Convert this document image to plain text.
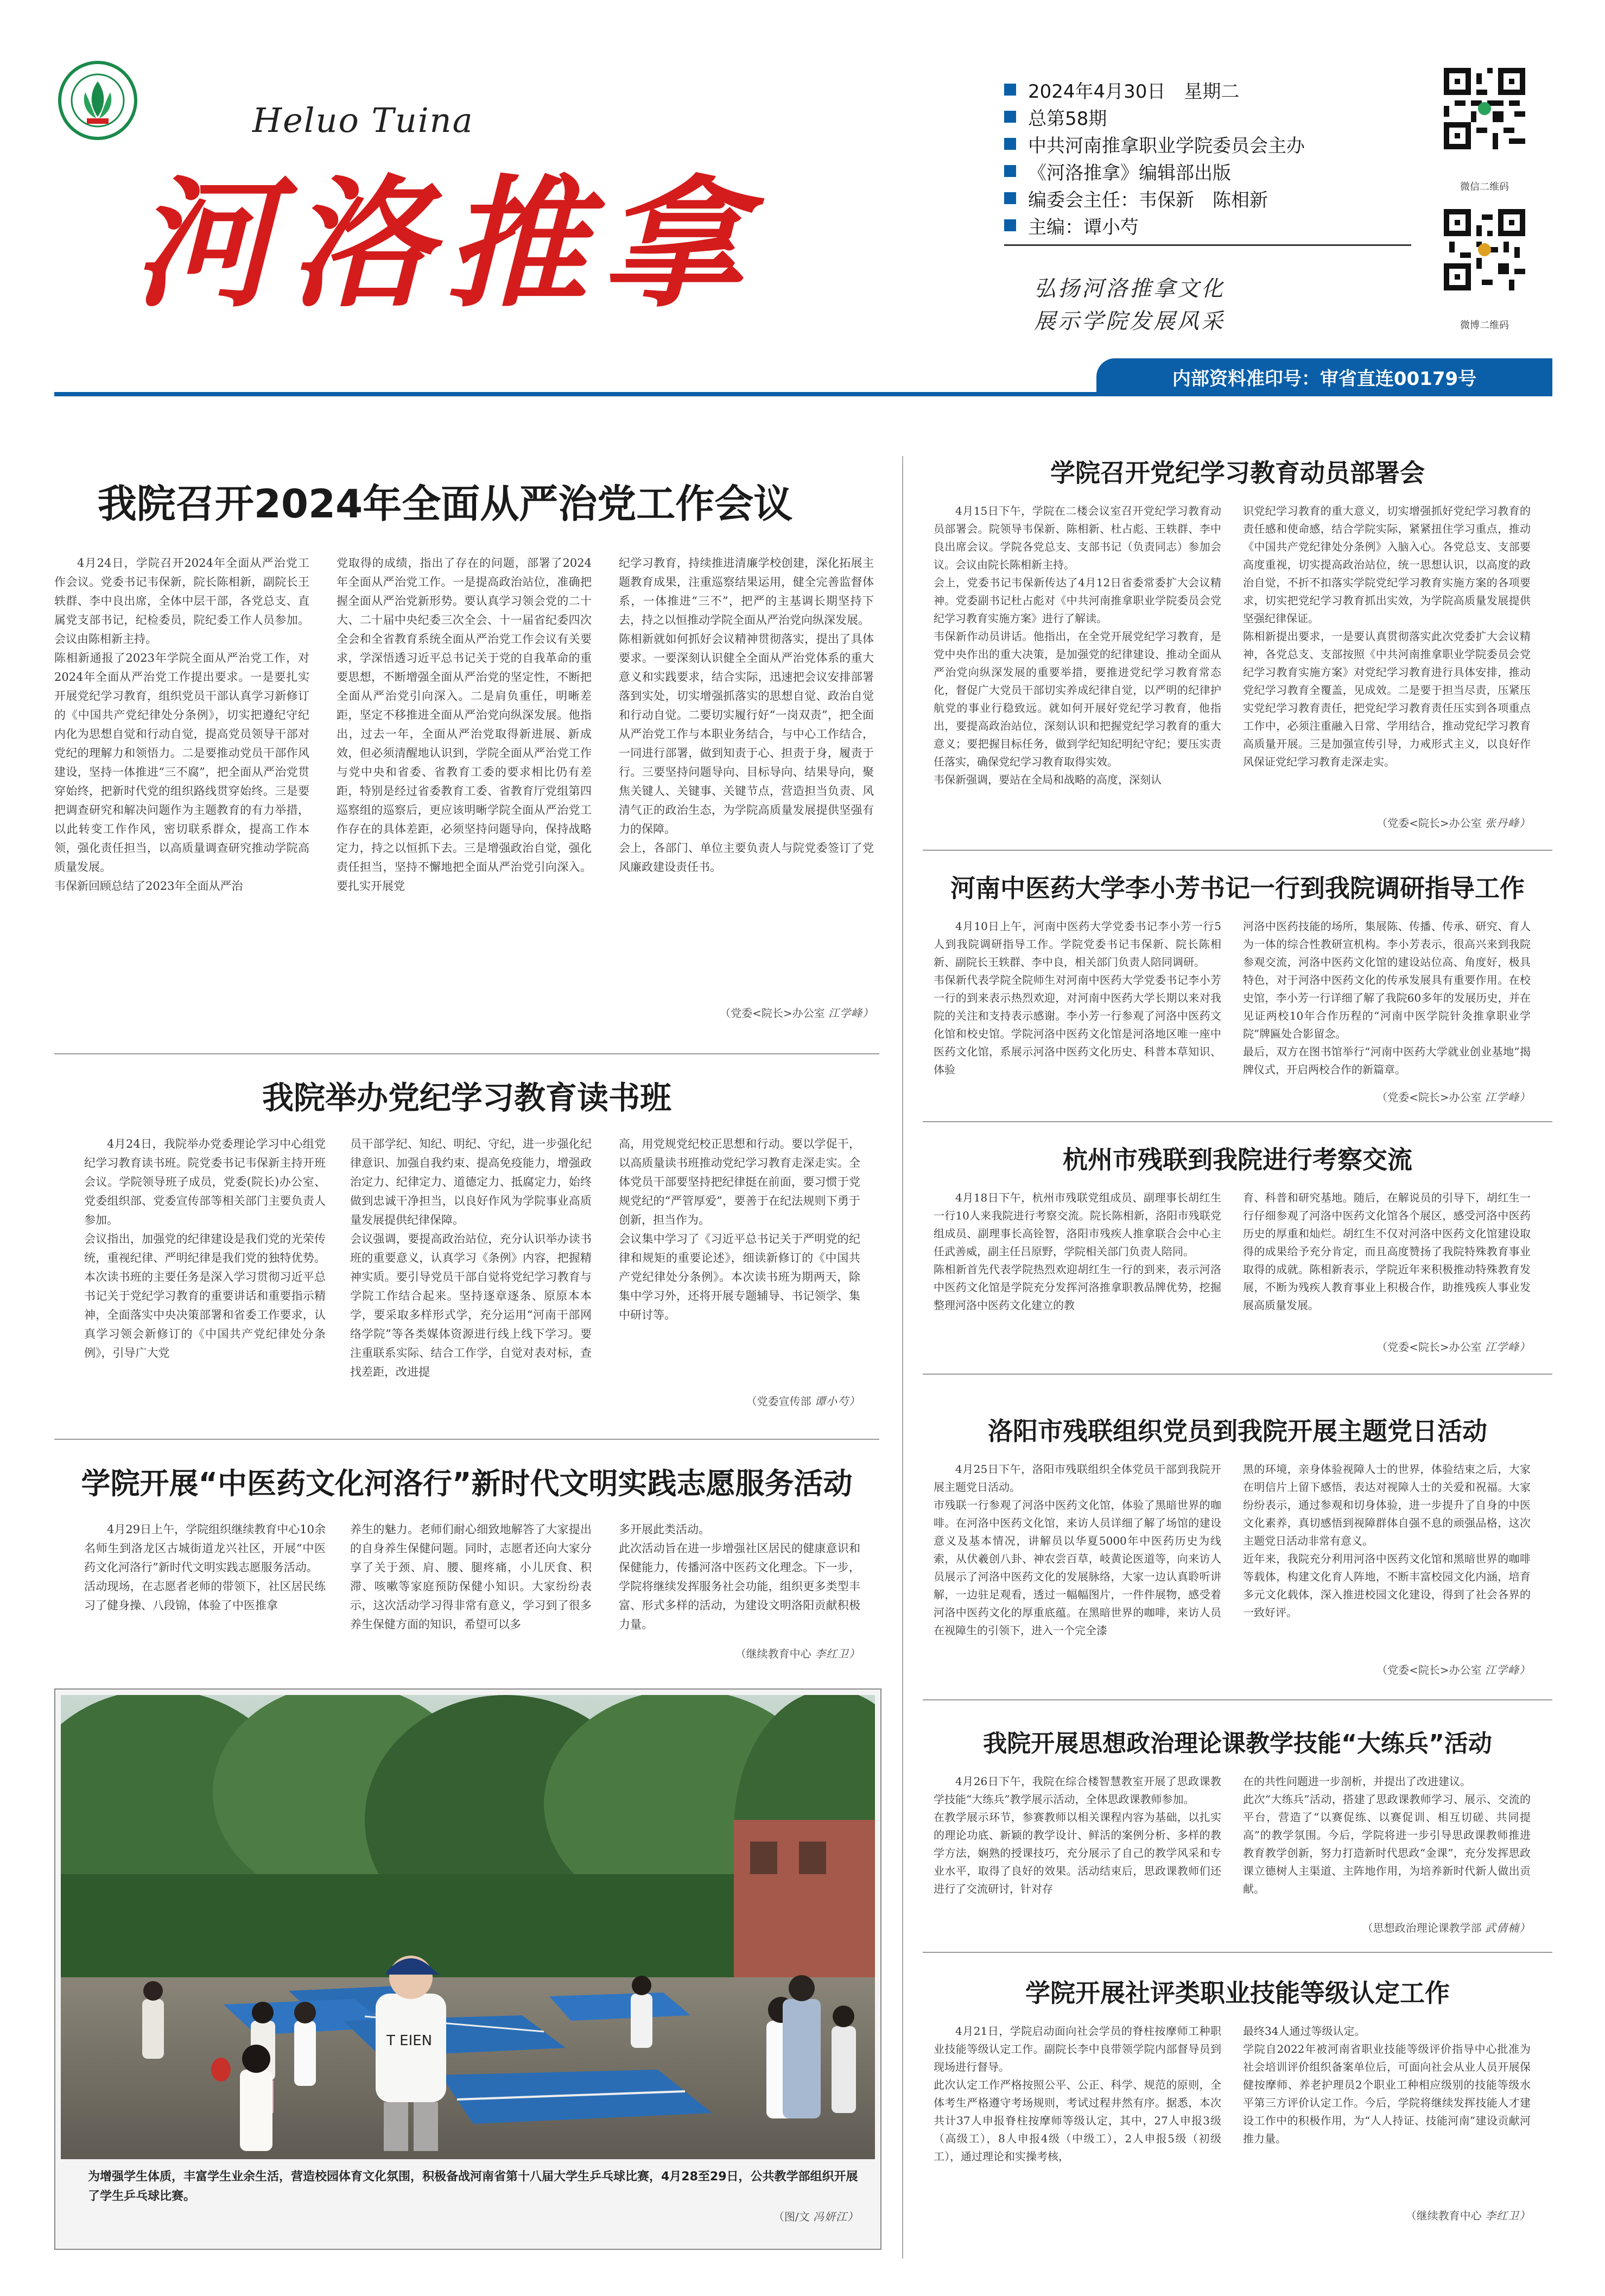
Heluo Tuina
河洛推拿
2024年4月30日　星期二
总第58期
中共河南推拿职业学院委员会主办
《河洛推拿》编辑部出版
编委会主任：韦保新　陈相新
主编：谭小芍
弘扬河洛推拿文化
展示学院发展风采
微信二维码
微博二维码
内部资料准印号：审省直连00179号
我院召开2024年全面从严治党工作会议

4月24日，学院召开2024年全面从严治党工作会议。党委书记韦保新，院长陈相新，副院长王轶群、李中良出席，全体中层干部，各党总支、直属党支部书记，纪检委员，院纪委工作人员参加。会议由陈相新主持。
陈相新通报了2023年学院全面从严治党工作，对2024年全面从严治党工作提出要求。一是要扎实开展党纪学习教育，组织党员干部认真学习新修订的《中国共产党纪律处分条例》，切实把遵纪守纪内化为思想自觉和行动自觉，提高党员领导干部对党纪的理解力和领悟力。二是要推动党员干部作风建设，坚持一体推进“三不腐”，把全面从严治党贯穿始终，把新时代党的组织路线贯穿始终。三是要把调查研究和解决问题作为主题教育的有力举措，以此转变工作作风，密切联系群众，提高工作本领，强化责任担当，以高质量调查研究推动学院高质量发展。
韦保新回顾总结了2023年全面从严治

党取得的成绩，指出了存在的问题，部署了2024年全面从严治党工作。一是提高政治站位，准确把握全面从严治党新形势。要认真学习领会党的二十大、二十届中央纪委三次全会、十一届省纪委四次全会和全省教育系统全面从严治党工作会议有关要求，学深悟透习近平总书记关于党的自我革命的重要思想，不断增强全面从严治党的坚定性，不断把全面从严治党引向深入。二是肩负重任，明晰差距，坚定不移推进全面从严治党向纵深发展。他指出，过去一年，全面从严治党取得新进展、新成效，但必须清醒地认识到，学院全面从严治党工作与党中央和省委、省教育工委的要求相比仍有差距，特别是经过省委教育工委、省教育厅党组第四巡察组的巡察后，更应该明晰学院全面从严治党工作存在的具体差距，必须坚持问题导向，保持战略定力，持之以恒抓下去。三是增强政治自觉，强化责任担当，坚持不懈地把全面从严治党引向深入。要扎实开展党

纪学习教育，持续推进清廉学校创建，深化拓展主题教育成果，注重巡察结果运用，健全完善监督体系，一体推进“三不”，把严的主基调长期坚持下去，持之以恒推动学院全面从严治党向纵深发展。
陈相新就如何抓好会议精神贯彻落实，提出了具体要求。一要深刻认识健全全面从严治党体系的重大意义和实践要求，结合实际，迅速把会议安排部署落到实处，切实增强抓落实的思想自觉、政治自觉和行动自觉。二要切实履行好“一岗双责”，把全面从严治党工作与本职业务结合，与中心工作结合，一同进行部署，做到知责于心、担责于身，履责于行。三要坚持问题导向、目标导向、结果导向，聚焦关键人、关键事、关键节点，营造担当负责、风清气正的政治生态，为学院高质量发展提供坚强有力的保障。
会上，各部门、单位主要负责人与院党委签订了党风廉政建设责任书。

（党委<院长>办公室 江学峰）
我院举办党纪学习教育读书班

4月24日，我院举办党委理论学习中心组党纪学习教育读书班。院党委书记韦保新主持开班会议。学院领导班子成员，党委(院长)办公室、党委组织部、党委宣传部等相关部门主要负责人参加。
会议指出，加强党的纪律建设是我们党的光荣传统，重视纪律、严明纪律是我们党的独特优势。本次读书班的主要任务是深入学习贯彻习近平总书记关于党纪学习教育的重要讲话和重要指示精神，全面落实中央决策部署和省委工作要求，认真学习领会新修订的《中国共产党纪律处分条例》，引导广大党

员干部学纪、知纪、明纪、守纪，进一步强化纪律意识、加强自我约束、提高免疫能力，增强政治定力、纪律定力、道德定力、抵腐定力，始终做到忠诚干净担当，以良好作风为学院事业高质量发展提供纪律保障。
会议强调，要提高政治站位，充分认识举办读书班的重要意义，认真学习《条例》内容，把握精神实质。要引导党员干部自觉将党纪学习教育与学院工作结合起来。坚持逐章逐条、原原本本学，要采取多样形式学，充分运用“河南干部网络学院”等各类媒体资源进行线上线下学习。要注重联系实际、结合工作学，自觉对表对标，查找差距，改进提

高，用党规党纪校正思想和行动。要以学促干，以高质量读书班推动党纪学习教育走深走实。全体党员干部要坚持把纪律挺在前面，要习惯于党规党纪的“严管厚爱”，要善于在纪法规则下勇于创新，担当作为。
会议集中学习了《习近平总书记关于严明党的纪律和规矩的重要论述》，细读新修订的《中国共产党纪律处分条例》。本次读书班为期两天，除集中学习外，还将开展专题辅导、书记领学、集中研讨等。

（党委宣传部 谭小芍）
学院开展“中医药文化河洛行”新时代文明实践志愿服务活动

4月29日上午，学院组织继续教育中心10余名师生到洛龙区古城街道龙兴社区，开展“中医药文化河洛行”新时代文明实践志愿服务活动。
活动现场，在志愿者老师的带领下，社区居民练习了健身操、八段锦，体验了中医推拿

养生的魅力。老师们耐心细致地解答了大家提出的自身养生保健问题。同时，志愿者还向大家分享了关于颈、肩、腰、腿疼痛，小儿厌食、积滞、咳嗽等家庭预防保健小知识。大家纷纷表示，这次活动学习得非常有意义，学习到了很多养生保健方面的知识，希望可以多

多开展此类活动。
此次活动旨在进一步增强社区居民的健康意识和保健能力，传播河洛中医药文化理念。下一步，学院将继续发挥服务社会功能，组织更多类型丰富、形式多样的活动，为建设文明洛阳贡献积极力量。

（继续教育中心 李红卫）
T EIEN
为增强学生体质，丰富学生业余生活，营造校园体育文化氛围，积极备战河南省第十八届大学生乒乓球比赛，4月28至29日，公共教学部组织开展了学生乒乓球比赛。
（图/文 冯妍江）
学院召开党纪学习教育动员部署会

4月15日下午，学院在二楼会议室召开党纪学习教育动员部署会。院领导韦保新、陈相新、杜占彪、王轶群、李中良出席会议。学院各党总支、支部书记（负责同志）参加会议。会议由院长陈相新主持。
会上，党委书记韦保新传达了4月12日省委常委扩大会议精神。党委副书记杜占彪对《中共河南推拿职业学院委员会党纪学习教育实施方案》进行了解读。
韦保新作动员讲话。他指出，在全党开展党纪学习教育，是党中央作出的重大决策，是加强党的纪律建设、推动全面从严治党向纵深发展的重要举措，要推进党纪学习教育常态化，督促广大党员干部切实养成纪律自觉，以严明的纪律护航党的事业行稳致远。就如何开展好党纪学习教育，他指出，要提高政治站位，深刻认识和把握党纪学习教育的重大意义；要把握目标任务，做到学纪知纪明纪守纪；要压实责任落实，确保党纪学习教育取得实效。
韦保新强调，要站在全局和战略的高度，深刻认

识党纪学习教育的重大意义，切实增强抓好党纪学习教育的责任感和使命感，结合学院实际，紧紧扭住学习重点，推动《中国共产党纪律处分条例》入脑入心。各党总支、支部要高度重视，切实提高政治站位，统一思想认识，以高度的政治自觉，不折不扣落实学院党纪学习教育实施方案的各项要求，切实把党纪学习教育抓出实效，为学院高质量发展提供坚强纪律保证。
陈相新提出要求，一是要认真贯彻落实此次党委扩大会议精神，各党总支、支部按照《中共河南推拿职业学院委员会党纪学习教育实施方案》对党纪学习教育进行具体安排，推动党纪学习教育全覆盖，见成效。二是要于担当尽责，压紧压实党纪学习教育责任，把党纪学习教育责任压实到各项重点工作中，必须注重融入日常、学用结合，推动党纪学习教育高质量开展。三是加强宣传引导，力戒形式主义，以良好作风保证党纪学习教育走深走实。

（党委<院长>办公室 张丹峰）
河南中医药大学李小芳书记一行到我院调研指导工作

4月10日上午，河南中医药大学党委书记李小芳一行5人到我院调研指导工作。学院党委书记韦保新、院长陈相新、副院长王轶群、李中良，相关部门负责人陪同调研。
韦保新代表学院全院师生对河南中医药大学党委书记李小芳一行的到来表示热烈欢迎，对河南中医药大学长期以来对我院的关注和支持表示感谢。李小芳一行参观了河洛中医药文化馆和校史馆。学院河洛中医药文化馆是河洛地区唯一座中医药文化馆，系展示河洛中医药文化历史、科普本草知识、体验

河洛中医药技能的场所，集展陈、传播、传承、研究、育人为一体的综合性教研宣机构。李小芳表示，很高兴来到我院参观交流，河洛中医药文化馆的建设站位高、角度好，极具特色，对于河洛中医药文化的传承发展具有重要作用。在校史馆，李小芳一行详细了解了我院60多年的发展历史，并在见证两校10年合作历程的“河南中医学院针灸推拿职业学院”牌匾处合影留念。
最后，双方在图书馆举行“河南中医药大学就业创业基地”揭牌仪式，开启两校合作的新篇章。

（党委<院长>办公室 江学峰）
杭州市残联到我院进行考察交流

4月18日下午，杭州市残联党组成员、副理事长胡红生一行10人来我院进行考察交流。院长陈相新，洛阳市残联党组成员、副理事长高铨智，洛阳市残疾人推拿联合会中心主任武善威，副主任吕原野，学院相关部门负责人陪同。
陈相新首先代表学院热烈欢迎胡红生一行的到来，表示河洛中医药文化馆是学院充分发挥河洛推拿职教品牌优势，挖掘整理河洛中医药文化建立的教

育、科普和研究基地。随后，在解说员的引导下，胡红生一行仔细参观了河洛中医药文化馆各个展区，感受河洛中医药历史的厚重和灿烂。胡红生不仅对河洛中医药文化馆建设取得的成果给予充分肯定，而且高度赞扬了我院特殊教育事业取得的成就。陈相新表示，学院近年来积极推动特殊教育发展，不断为残疾人教育事业上积极合作，助推残疾人事业发展高质量发展。

（党委<院长>办公室 江学峰）
洛阳市残联组织党员到我院开展主题党日活动

4月25日下午，洛阳市残联组织全体党员干部到我院开展主题党日活动。
市残联一行参观了河洛中医药文化馆，体验了黑暗世界的咖啡。在河洛中医药文化馆，来访人员详细了解了场馆的建设意义及基本情况，讲解员以华夏5000年中医药历史为线索，从伏羲创八卦、神农尝百草，岐黄论医道等，向来访人员展示了河洛中医药文化的发展脉络，大家一边认真聆听讲解，一边驻足观看，透过一幅幅图片，一件件展物，感受着河洛中医药文化的厚重底蕴。在黑暗世界的咖啡，来访人员在视障生的引领下，进入一个完全漆

黑的环境，亲身体验视障人士的世界，体验结束之后，大家在明信片上留下感悟，表达对视障人士的关爱和祝福。大家纷纷表示，通过参观和切身体验，进一步提升了自身的中医文化素养，真切感悟到视障群体自强不息的顽强品格，这次主题党日活动非常有意义。
近年来，我院充分利用河洛中医药文化馆和黑暗世界的咖啡等载体，构建文化育人阵地，不断丰富校园文化内涵，培育多元文化载体，深入推进校园文化建设，得到了社会各界的一致好评。

（党委<院长>办公室 江学峰）
我院开展思想政治理论课教学技能“大练兵”活动

4月26日下午，我院在综合楼智慧教室开展了思政课教学技能“大练兵”教学展示活动，全体思政课教师参加。
在教学展示环节，参赛教师以相关课程内容为基础，以扎实的理论功底、新颖的教学设计、鲜活的案例分析、多样的教学方法，娴熟的授课技巧，充分展示了自己的教学风采和专业水平，取得了良好的效果。活动结束后，思政课教师们还进行了交流研讨，针对存

在的共性问题进一步剖析，并提出了改进建议。
此次“大练兵”活动，搭建了思政课教师学习、展示、交流的平台，营造了“以赛促练、以赛促训、相互切磋、共同提高”的教学氛围。今后，学院将进一步引导思政课教师推进教育教学创新，努力打造新时代思政“金课”，充分发挥思政课立德树人主渠道、主阵地作用，为培养新时代新人做出贡献。

（思想政治理论课教学部 武倩楠）
学院开展社评类职业技能等级认定工作

4月21日，学院启动面向社会学员的脊柱按摩师工种职业技能等级认定工作。副院长李中良带领学院内部督导员到现场进行督导。
此次认定工作严格按照公平、公正、科学、规范的原则，全体考生严格遵守考场规则，考试过程井然有序。据悉，本次共计37人申报脊柱按摩师等级认定，其中，27人申报3级（高级工），8人申报4级（中级工），2人申报5级（初级工），通过理论和实操考核，

最终34人通过等级认定。
学院自2022年被河南省职业技能等级评价指导中心批准为社会培训评价组织备案单位后，可面向社会从业人员开展保健按摩师、养老护理员2个职业工种相应级别的技能等级水平第三方评价认定工作。今后，学院将继续发挥技能人才建设工作中的积极作用，为“人人持证、技能河南”建设贡献河推力量。

（继续教育中心 李红卫）
